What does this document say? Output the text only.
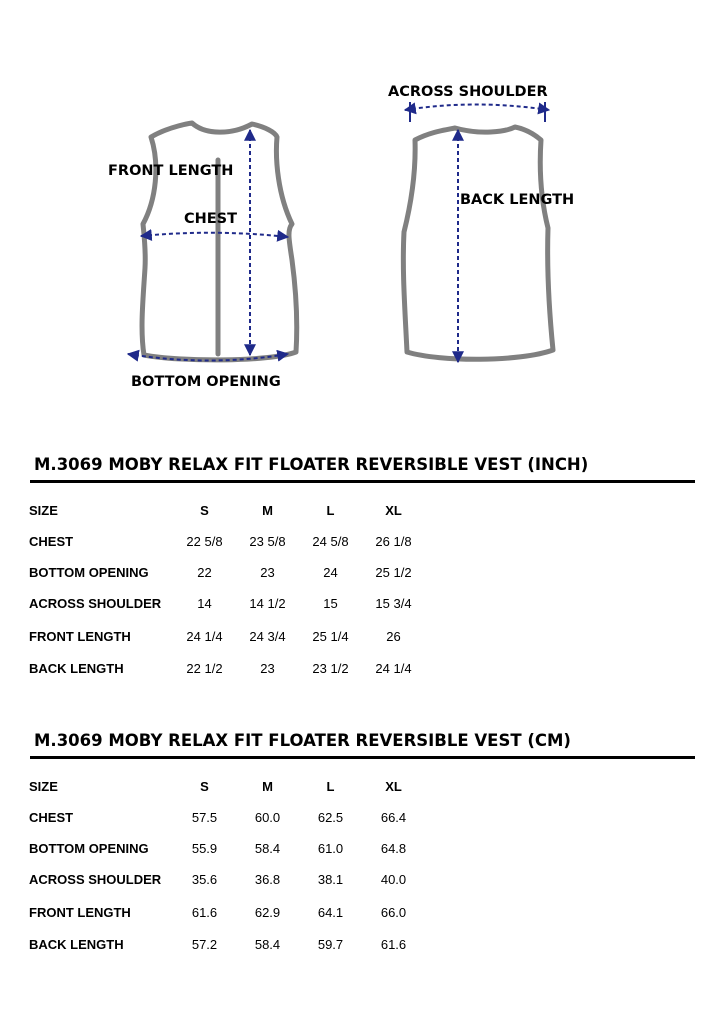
FRONT LENGTH
CHEST
BOTTOM OPENING
ACROSS SHOULDER
BACK LENGTH
M.3069 MOBY RELAX FIT FLOATER REVERSIBLE VEST (INCH)
SIZE	S	M	L	XL
CHEST	22 5/8	23 5/8	24 5/8	26 1/8
BOTTOM OPENING	22	23	24	25 1/2
ACROSS SHOULDER	14	14 1/2	15	15 3/4
FRONT LENGTH	24 1/4	24 3/4	25 1/4	26
BACK LENGTH	22 1/2	23	23 1/2	24 1/4
M.3069 MOBY RELAX FIT FLOATER REVERSIBLE VEST (CM)
SIZE	S	M	L	XL
CHEST	57.5	60.0	62.5	66.4
BOTTOM OPENING	55.9	58.4	61.0	64.8
ACROSS SHOULDER	35.6	36.8	38.1	40.0
FRONT LENGTH	61.6	62.9	64.1	66.0
BACK LENGTH	57.2	58.4	59.7	61.6
